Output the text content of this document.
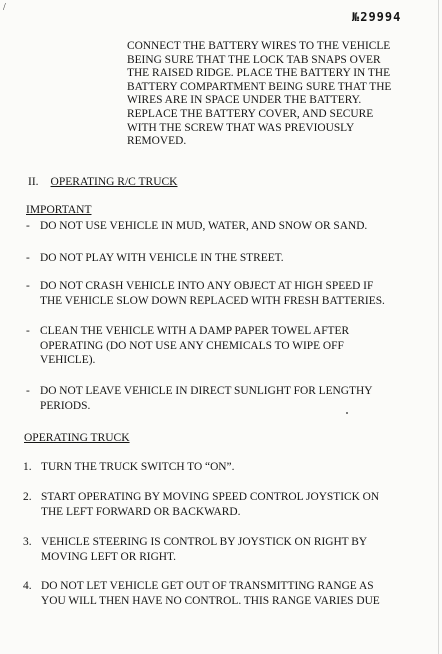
/
№29994
CONNECT THE BATTERY WIRES TO THE VEHICLE
BEING SURE THAT THE LOCK TAB SNAPS OVER
THE RAISED RIDGE. PLACE THE BATTERY IN THE
BATTERY COMPARTMENT BEING SURE THAT THE
WIRES ARE IN SPACE UNDER THE BATTERY.
REPLACE THE BATTERY COVER, AND SECURE
WITH THE SCREW THAT WAS PREVIOUSLY
REMOVED.
II. OPERATING R/C TRUCK
IMPORTANT
- DO NOT USE VEHICLE IN MUD, WATER, AND SNOW OR SAND.
- DO NOT PLAY WITH VEHICLE IN THE STREET.
- DO NOT CRASH VEHICLE INTO ANY OBJECT AT HIGH SPEED IF
THE VEHICLE SLOW DOWN REPLACED WITH FRESH BATTERIES.
- CLEAN THE VEHICLE WITH A DAMP PAPER TOWEL AFTER
OPERATING (DO NOT USE ANY CHEMICALS TO WIPE OFF
VEHICLE).
- DO NOT LEAVE VEHICLE IN DIRECT SUNLIGHT FOR LENGTHY
PERIODS.
OPERATING TRUCK
1. TURN THE TRUCK SWITCH TO “ON”.
2. START OPERATING BY MOVING SPEED CONTROL JOYSTICK ON
THE LEFT FORWARD OR BACKWARD.
3. VEHICLE STEERING IS CONTROL BY JOYSTICK ON RIGHT BY
MOVING LEFT OR RIGHT.
4. DO NOT LET VEHICLE GET OUT OF TRANSMITTING RANGE AS
YOU WILL THEN HAVE NO CONTROL. THIS RANGE VARIES DUE
